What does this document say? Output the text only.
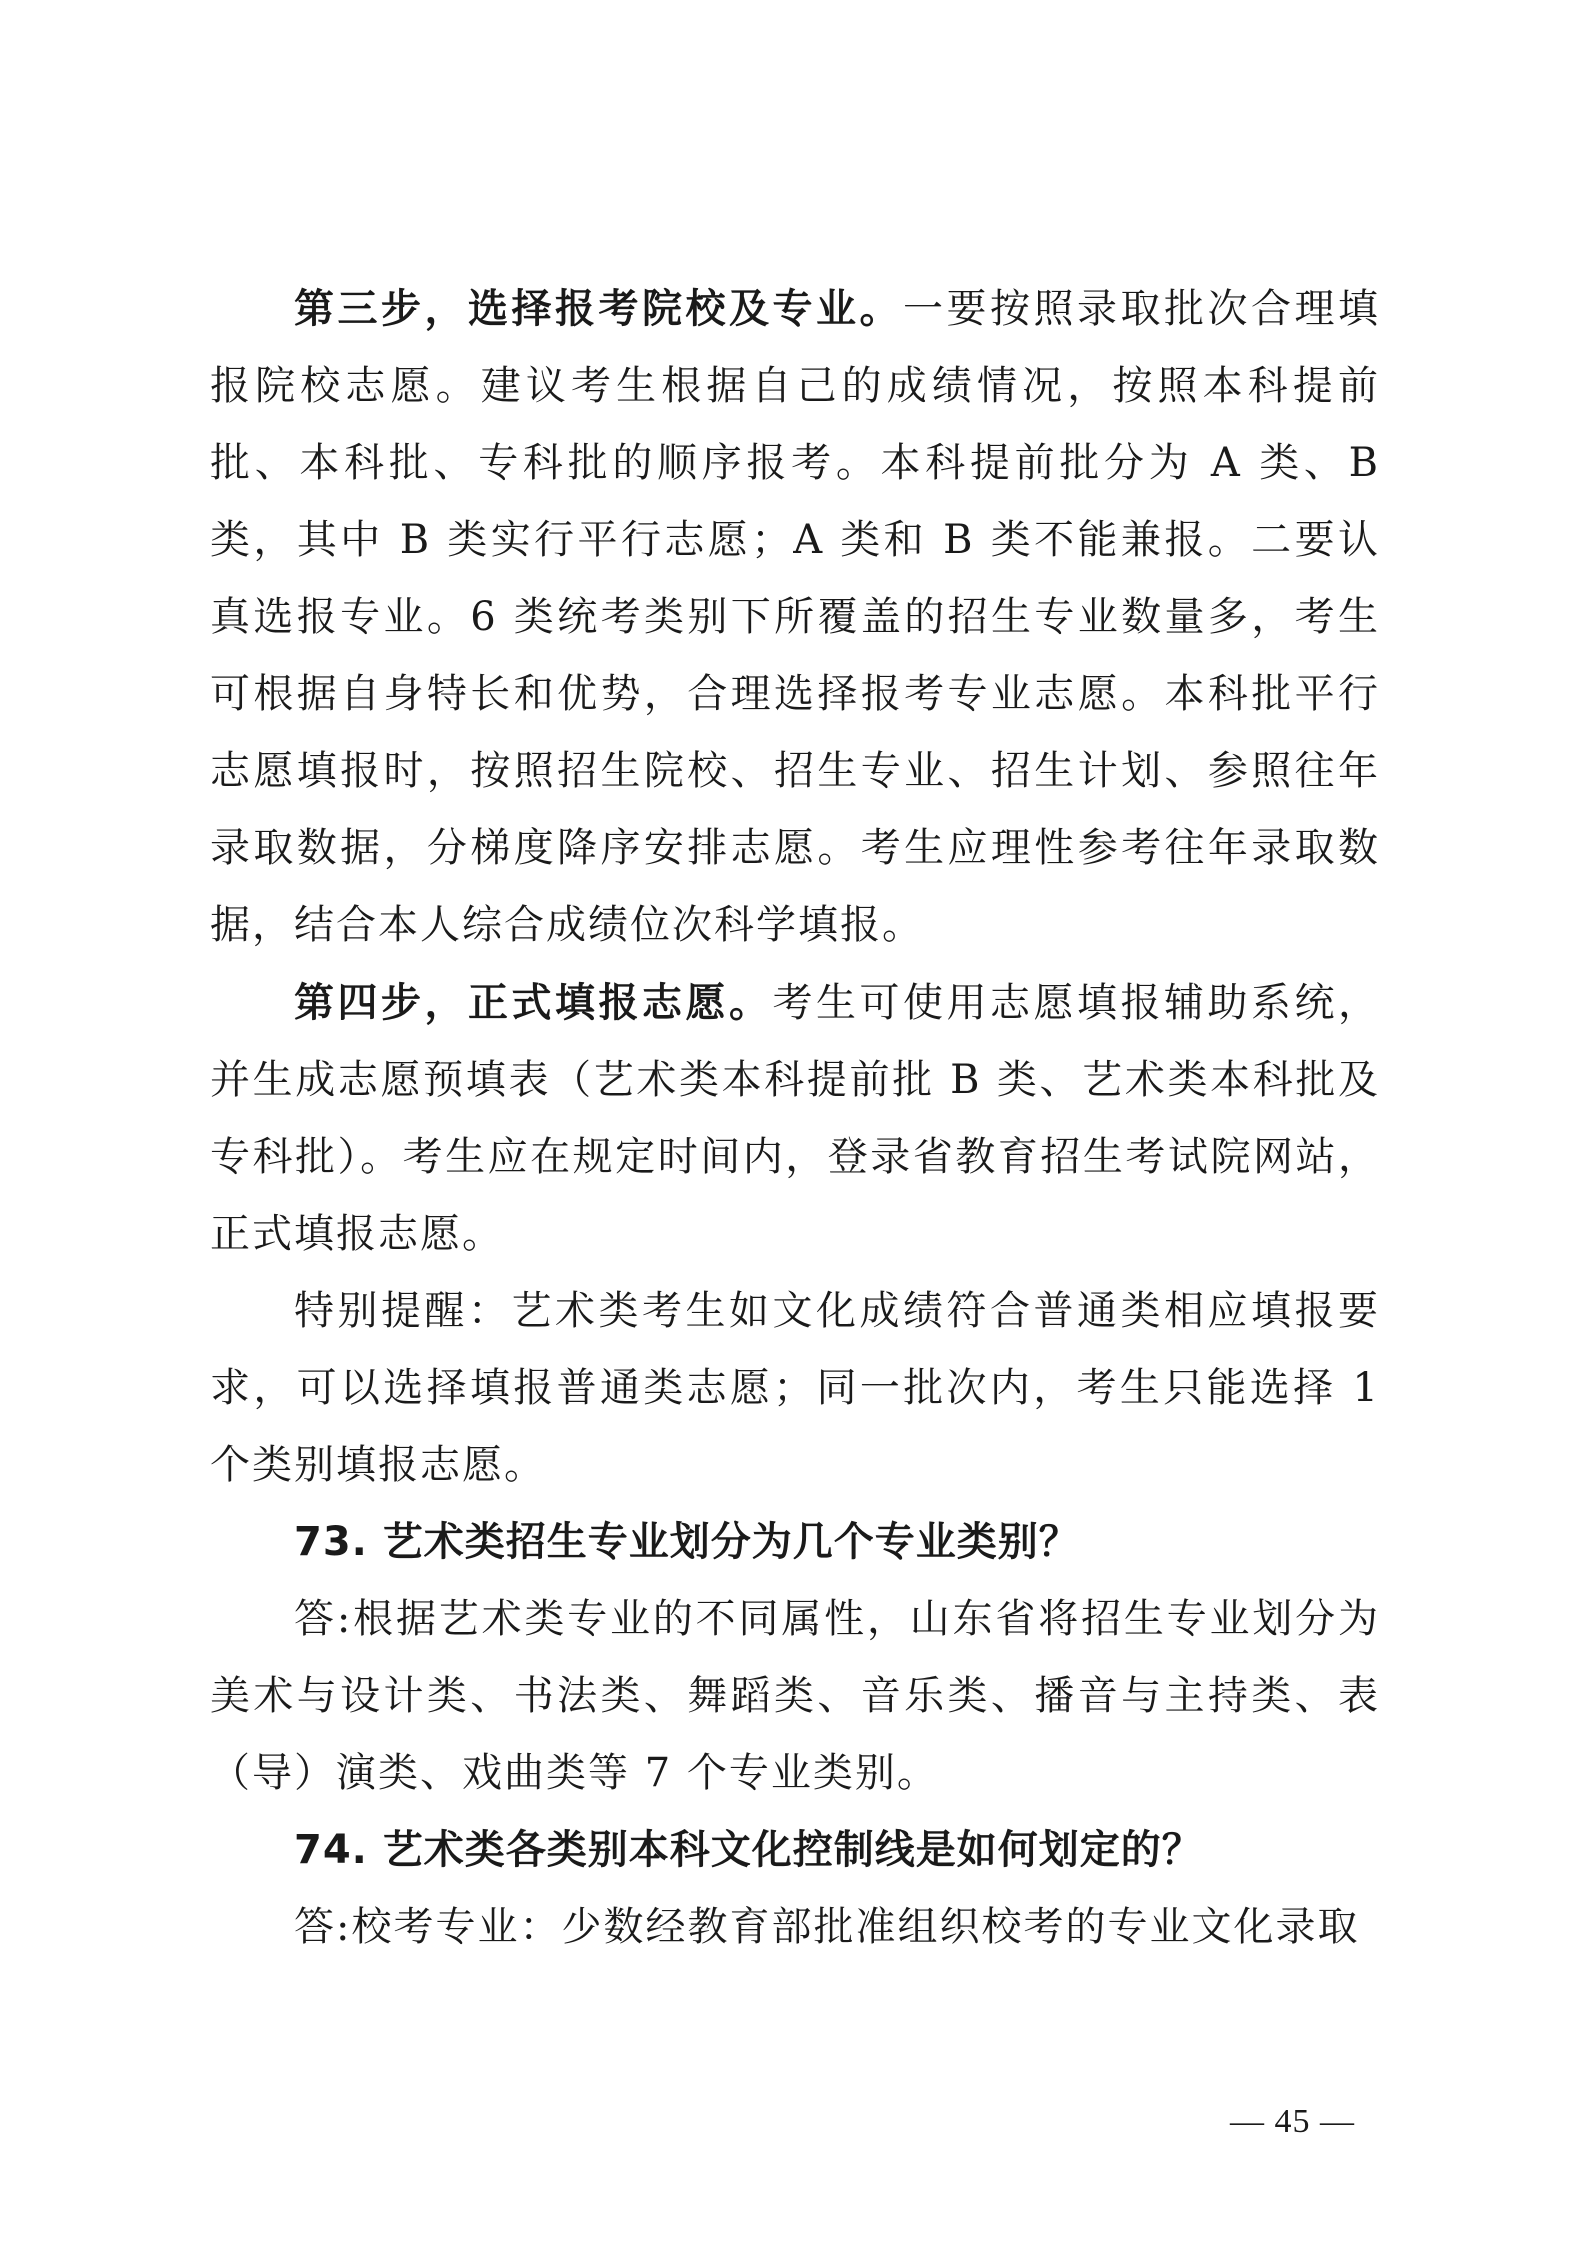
第三步，选择报考院校及专业。一要按照录取批次合理填报院校志愿。建议考生根据自己的成绩情况，按照本科提前批、本科批、专科批的顺序报考。本科提前批分为 A 类、B 类，其中 B 类实行平行志愿；A 类和 B 类不能兼报。二要认真选报专业。6 类统考类别下所覆盖的招生专业数量多，考生可根据自身特长和优势，合理选择报考专业志愿。本科批平行志愿填报时，按照招生院校、招生专业、招生计划、参照往年录取数据，分梯度降序安排志愿。考生应理性参考往年录取数据，结合本人综合成绩位次科学填报。

第四步，正式填报志愿。考生可使用志愿填报辅助系统，并生成志愿预填表（艺术类本科提前批 B 类、艺术类本科批及专科批）。考生应在规定时间内，登录省教育招生考试院网站，正式填报志愿。

特别提醒：艺术类考生如文化成绩符合普通类相应填报要求，可以选择填报普通类志愿；同一批次内，考生只能选择 1 个类别填报志愿。

73. 艺术类招生专业划分为几个专业类别？

答:根据艺术类专业的不同属性，山东省将招生专业划分为美术与设计类、书法类、舞蹈类、音乐类、播音与主持类、表（导）演类、戏曲类等 7 个专业类别。

74. 艺术类各类别本科文化控制线是如何划定的？

答:校考专业：少数经教育部批准组织校考的专业文化录取

— 45 —
